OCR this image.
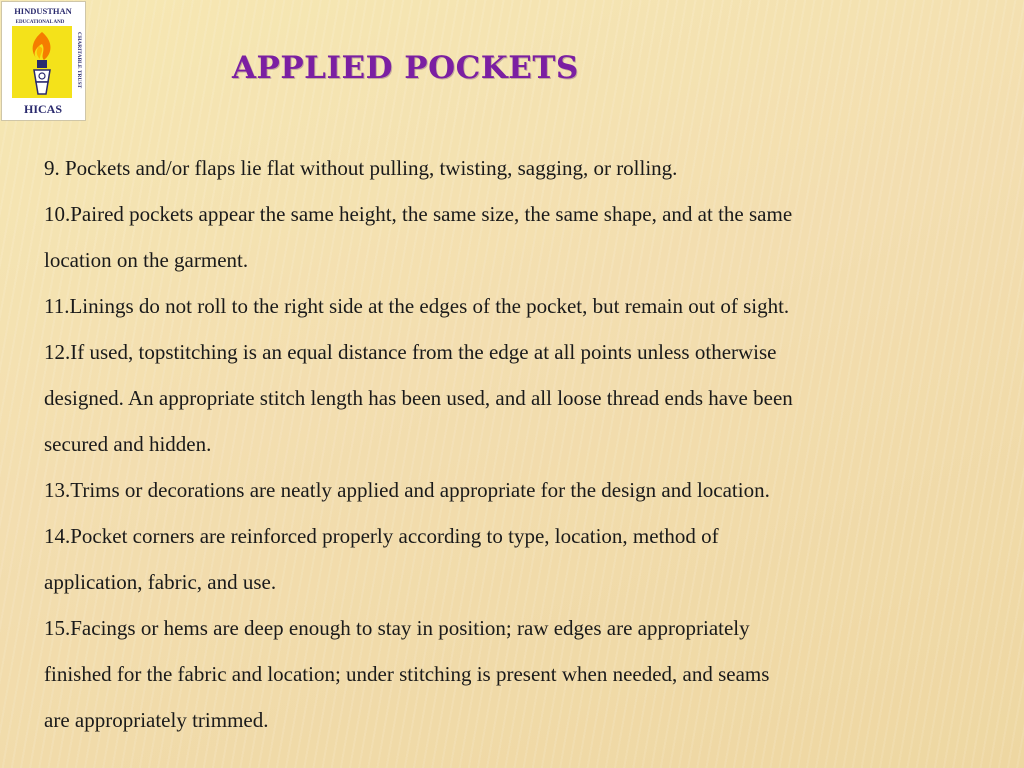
HINDUSTHAN
EDUCATIONAL AND
CHARITABLE TRUST
HICAS
APPLIED POCKETS
9. Pockets and/or flaps lie flat without pulling, twisting, sagging, or rolling.
10.Paired pockets appear the same height, the same size, the same shape, and at the same
location on the garment.
11.Linings do not roll to the right side at the edges of the pocket, but remain out of sight.
12.If used, topstitching is an equal distance from the edge at all points unless otherwise
designed. An appropriate stitch length has been used, and all loose thread ends have been
secured and hidden.
13.Trims or decorations are neatly applied and appropriate for the design and location.
14.Pocket corners are reinforced properly according to type, location, method of
application, fabric, and use.
15.Facings or hems are deep enough to stay in position; raw edges are appropriately
finished for the fabric and location; under stitching is present when needed, and seams
are appropriately trimmed.
